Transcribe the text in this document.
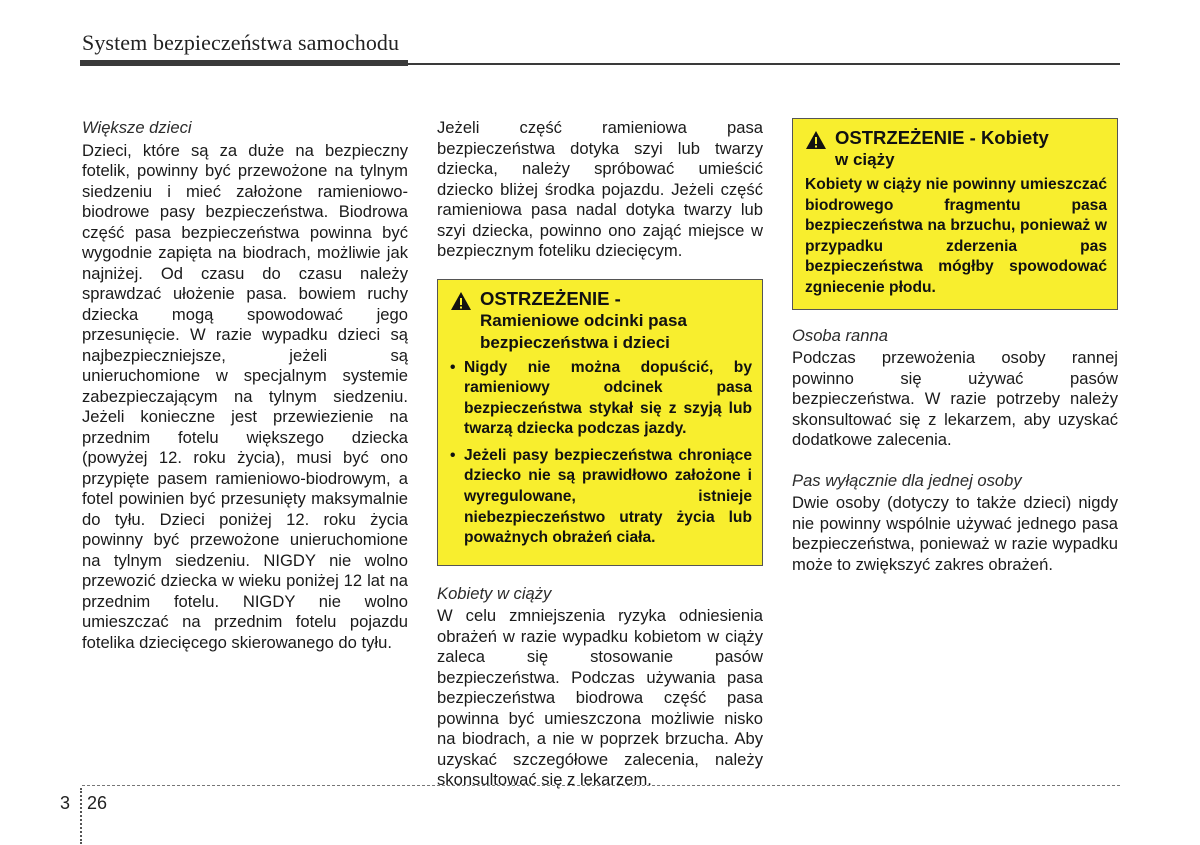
System bezpieczeństwa samochodu
Większe dzieci

Dzieci, które są za duże na bezpieczny fotelik, powinny być przewożone na tylnym siedzeniu i mieć założone ramieniowo-biodrowe pasy bezpieczeństwa. Biodrowa część pasa bezpieczeństwa powinna być wygodnie zapięta na biodrach, możliwie jak najniżej. Od czasu do czasu należy sprawdzać ułożenie pasa. bowiem ruchy dziecka mogą spowodować jego przesunięcie. W razie wypadku dzieci są najbezpieczniejsze, jeżeli są unieruchomione w specjalnym systemie zabezpieczającym na tylnym siedzeniu. Jeżeli konieczne jest przewiezienie na przednim fotelu większego dziecka (powyżej 12. roku życia), musi być ono przypięte pasem ramieniowo-biodrowym, a fotel powinien być przesunięty maksymalnie do tyłu. Dzieci poniżej 12. roku życia powinny być przewożone unieruchomione na tylnym siedzeniu. NIGDY nie wolno przewozić dziecka w wieku poniżej 12 lat na przednim fotelu. NIGDY nie wolno umieszczać na przednim fotelu pojazdu fotelika dziecięcego skierowanego do tyłu.

Jeżeli część ramieniowa pasa bezpieczeństwa dotyka szyi lub twarzy dziecka, należy spróbować umieścić dziecko bliżej środka pojazdu. Jeżeli część ramieniowa pasa nadal dotyka twarzy lub szyi dziecka, powinno ono zająć miejsce w bezpiecznym foteliku dziecięcym.

OSTRZEŻENIE -
Ramieniowe odcinki pasa bezpieczeństwa i dzieci
• Nigdy nie można dopuścić, by ramieniowy odcinek pasa bezpieczeństwa stykał się z szyją lub twarzą dziecka podczas jazdy.
• Jeżeli pasy bezpieczeństwa chroniące dziecko nie są prawidłowo założone i wyregulowane, istnieje niebezpieczeństwo utraty życia lub poważnych obrażeń ciała.
Kobiety w ciąży

W celu zmniejszenia ryzyka odniesienia obrażeń w razie wypadku kobietom w ciąży zaleca się stosowanie pasów bezpieczeństwa. Podczas używania pasa bezpieczeństwa biodrowa część pasa powinna być umieszczona możliwie nisko na biodrach, a nie w poprzek brzucha. Aby uzyskać szczegółowe zalecenia, należy skonsultować się z lekarzem.

OSTRZEŻENIE - Kobiety
w ciąży

Kobiety w ciąży nie powinny umieszczać biodrowego fragmentu pasa bezpieczeństwa na brzuchu, ponieważ w przypadku zderzenia pas bezpieczeństwa mógłby spowodować zgniecenie płodu.

Osoba ranna

Podczas przewożenia osoby rannej powinno się używać pasów bezpieczeństwa. W razie potrzeby należy skonsultować się z lekarzem, aby uzyskać dodatkowe zalecenia.

Pas wyłącznie dla jednej osoby

Dwie osoby (dotyczy to także dzieci) nigdy nie powinny wspólnie używać jednego pasa bezpieczeństwa, ponieważ w razie wypadku może to zwiększyć zakres obrażeń.

3 26
